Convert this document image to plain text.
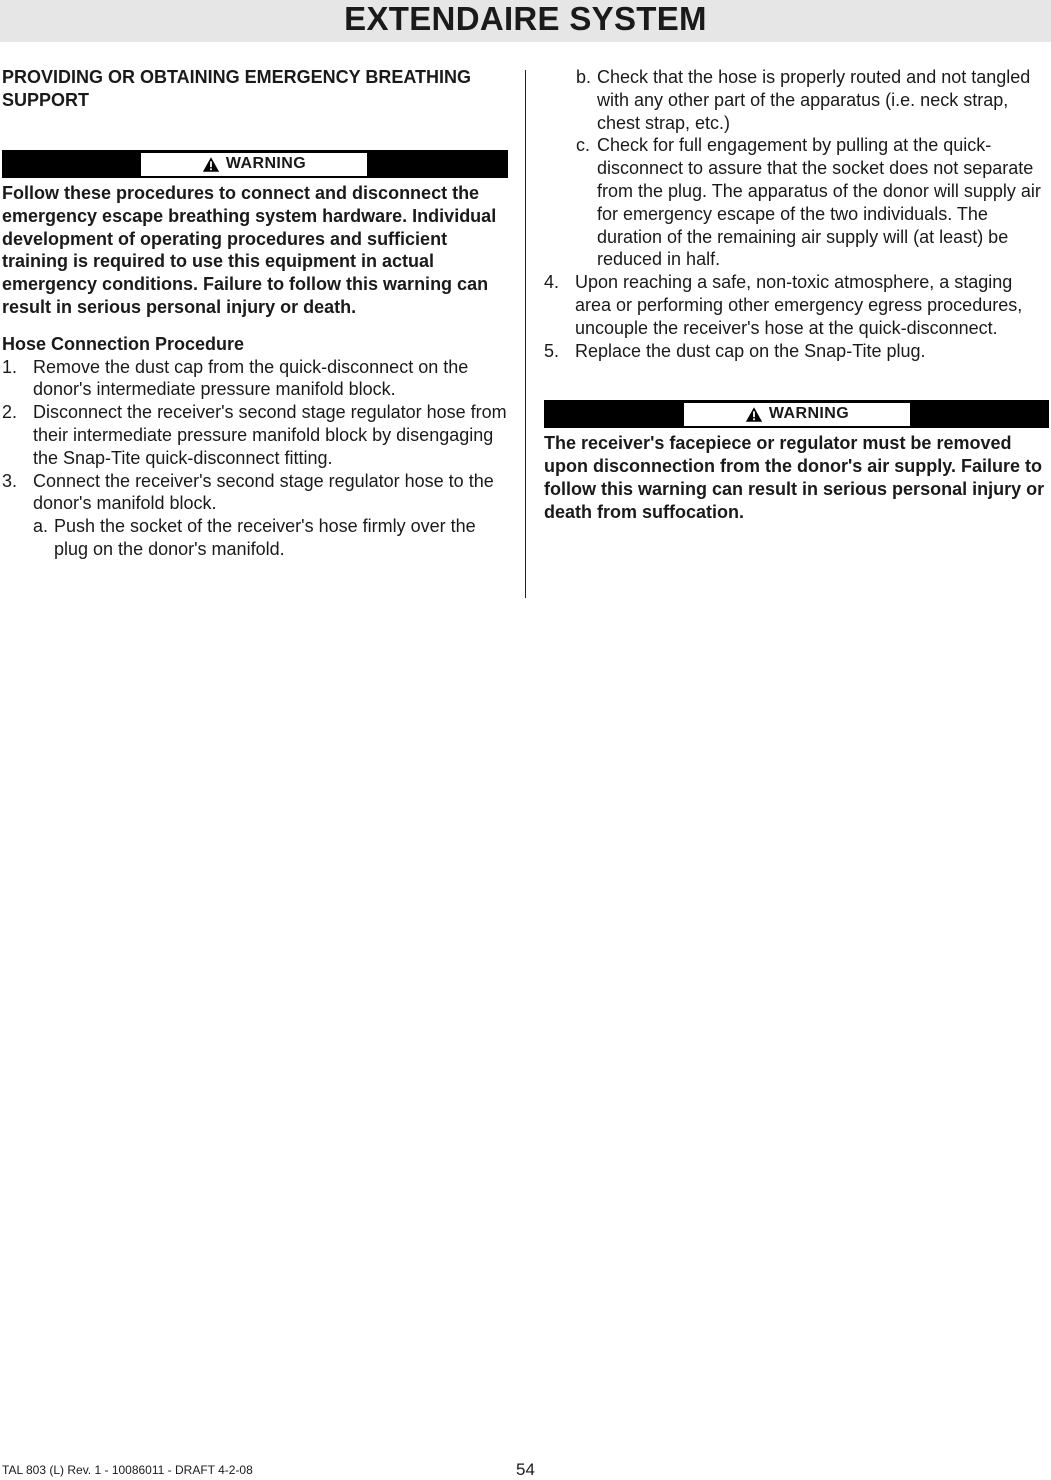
EXTENDAIRE SYSTEM

PROVIDING OR OBTAINING EMERGENCY BREATHING SUPPORT

WARNING

Follow these procedures to connect and disconnect the emergency escape breathing system hardware. Individual development of operating procedures and sufficient training is required to use this equipment in actual emergency conditions. Failure to follow this warning can result in serious personal injury or death.

Hose Connection Procedure

1. Remove the dust cap from the quick-disconnect on the donor's intermediate pressure manifold block.
2. Disconnect the receiver's second stage regulator hose from their intermediate pressure manifold block by disengaging the Snap-Tite quick-disconnect fitting.
3. Connect the receiver's second stage regulator hose to the donor's manifold block.
a. Push the socket of the receiver's hose firmly over the plug on the donor's manifold.
b. Check that the hose is properly routed and not tangled with any other part of the apparatus (i.e. neck strap, chest strap, etc.)
c. Check for full engagement by pulling at the quick-disconnect to assure that the socket does not separate from the plug. The apparatus of the donor will supply air for emergency escape of the two individuals. The duration of the remaining air supply will (at least) be reduced in half.
4. Upon reaching a safe, non-toxic atmosphere, a staging area or performing other emergency egress procedures, uncouple the receiver's hose at the quick-disconnect.
5. Replace the dust cap on the Snap-Tite plug.
WARNING

The receiver's facepiece or regulator must be removed upon disconnection from the donor's air supply. Failure to follow this warning can result in serious personal injury or death from suffocation.

TAL 803 (L) Rev. 1 - 10086011 - DRAFT 4-2-08	54
